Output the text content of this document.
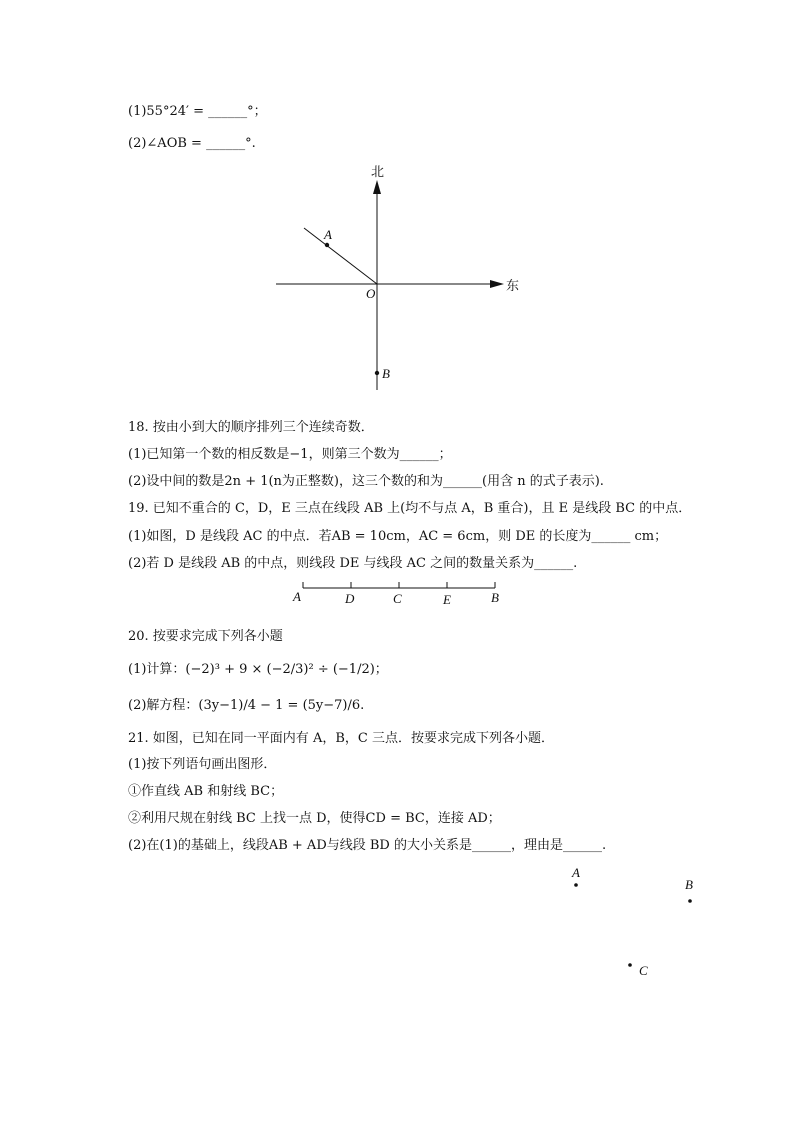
(1)55°24′ = ______°；
(2)∠AOB = ______°.
北
东
O
A
B
18. 按由小到大的顺序排列三个连续奇数．
(1)已知第一个数的相反数是−1，则第三个数为______；
(2)设中间的数是2n + 1(n为正整数)，这三个数的和为______(用含 n 的式子表示).
19. 已知不重合的 C，D，E 三点在线段 AB 上(均不与点 A，B 重合)，且 E 是线段 BC 的中点．
(1)如图，D 是线段 AC 的中点．若AB = 10cm，AC = 6cm，则 DE 的长度为______ cm；
(2)若 D 是线段 AB 的中点，则线段 DE 与线段 AC 之间的数量关系为______.
A	D	C	E	B
20. 按要求完成下列各小题
(1)计算：(−2)³ + 9 × (−2/3)² ÷ (−1/2)；
(2)解方程：(3y−1)/4 − 1 = (5y−7)/6.
21. 如图，已知在同一平面内有 A，B，C 三点．按要求完成下列各小题．
(1)按下列语句画出图形．
①作直线 AB 和射线 BC；
②利用尺规在射线 BC 上找一点 D，使得CD = BC，连接 AD；
(2)在(1)的基础上，线段AB + AD与线段 BD 的大小关系是______，理由是______.
A
B
C
